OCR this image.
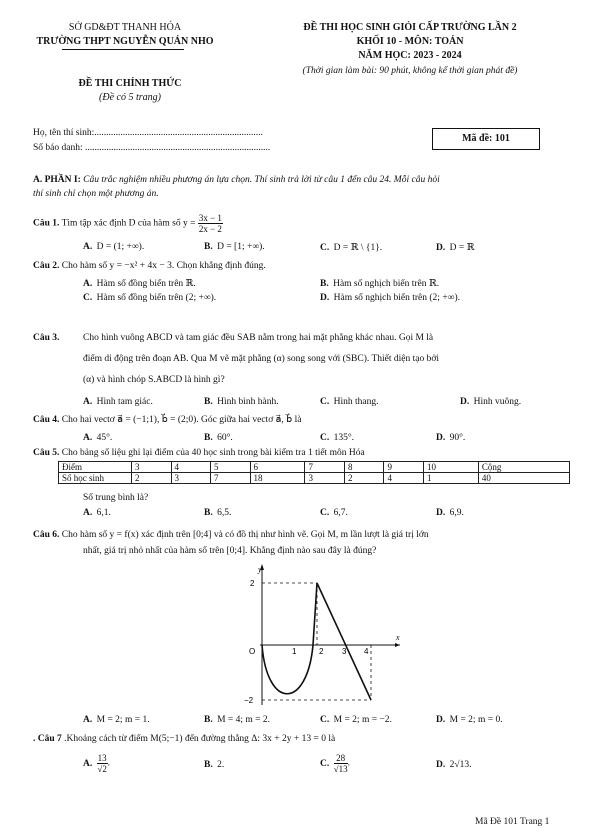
SỞ GD&ĐT THANH HÓA
TRƯỜNG THPT NGUYỄN QUÁN NHO
ĐỀ THI HỌC SINH GIỎI CẤP TRƯỜNG LẦN 2
KHỐI 10 - MÔN: TOÁN
NĂM HỌC: 2023 - 2024
ĐỀ THI CHÍNH THỨC
(Đề có 5 trang)
(Thời gian làm bài: 90 phút, không kể thời gian phát đề)
Họ, tên thí sinh:.......................................................................
Số báo danh: ..............................................................................
Mã đề: 101
A. PHẦN I: Câu trắc nghiệm nhiều phương án lựa chọn. Thí sinh trả lời từ câu 1 đến câu 24. Mỗi câu hỏi
thí sinh chỉ chọn một phương án.
Câu 1. Tìm tập xác định D của hàm số $y = \frac{3x - 1}{2x - 2}$
A. D = (1; +∞).	B. D = [1; +∞).	C. D = ℝ \ {1}.	D. D = ℝ
Câu 2. Cho hàm số y = −x² + 4x − 3. Chọn khẳng định đúng.
A. Hàm số đồng biến trên ℝ.	B. Hàm số nghịch biến trên ℝ.
C. Hàm số đồng biến trên (2; +∞).	D. Hàm số nghịch biến trên (2; +∞).
Câu 3. Cho hình vuông ABCD và tam giác đều SAB nằm trong hai mặt phẳng khác nhau. Gọi M là
điểm di động trên đoạn AB. Qua M vẽ mặt phẳng (α) song song với (SBC). Thiết diện tạo bởi
(α) và hình chóp S.ABCD là hình gì?
A. Hình tam giác.	B. Hình bình hành.	C. Hình thang.	D. Hình vuông.
Câu 4. Cho hai vectơ a⃗ = (−1;1), b⃗ = (2;0). Góc giữa hai vectơ a⃗, b⃗ là
A. 45°.	B. 60°.	C. 135°.	D. 90°.
Câu 5. Cho bảng số liệu ghi lại điểm của 40 học sinh trong bài kiểm tra 1 tiết môn Hóa
Điểm	3	4	5	6	7	8	9	10	Cộng
Số học sinh	2	3	7	18	3	2	4	1	40
Số trung bình là?
A. 6,1.	B. 6,5.	C. 6,7.	D. 6,9.
Câu 6. Cho hàm số y = f(x) xác định trên [0;4] và có đồ thị như hình vẽ. Gọi M, m lần lượt là giá trị lớn
nhất, giá trị nhỏ nhất của hàm số trên [0;4]. Khẳng định nào sau đây là đúng?
y
x
O	1	2 3 4
2
−2
A. M = 2; m = 1.	B. M = 4; m = 2.	C. M = 2; m = −2.	D. M = 2; m = 0.
. Câu 7 .Khoảng cách từ điểm M(5;−1) đến đường thẳng Δ: 3x + 2y + 13 = 0 là
A. $\frac{13}{√2}$ .	B. 2.	C. $\frac{28}{√13}$ .	D. 2√13.
Mã Đề 101 Trang 1
